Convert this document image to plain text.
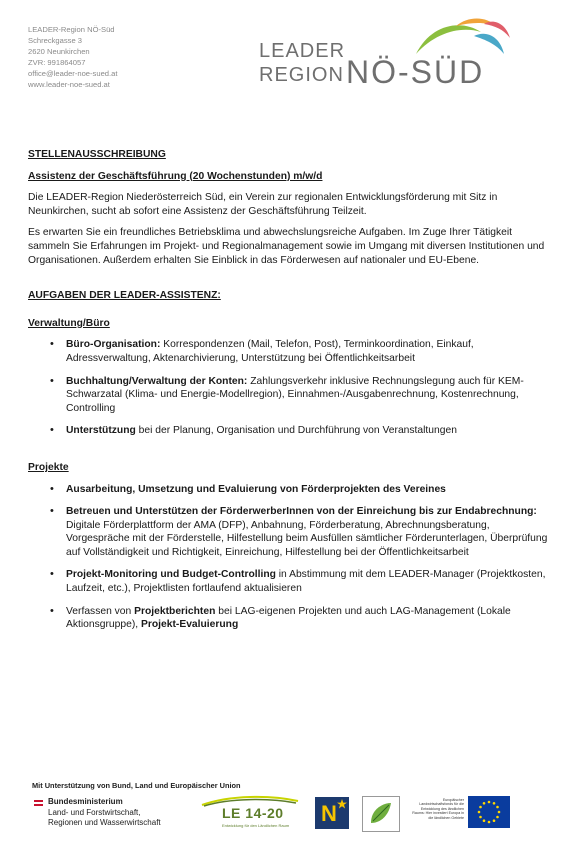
LEADER-Region NÖ-Süd
Schreckgasse 3
2620 Neunkirchen
ZVR: 991864057
office@leader-noe-sued.at
www.leader-noe-sued.at
LEADER
REGION NÖ-SÜD
STELLENAUSSCHREIBUNG
Assistenz der Geschäftsführung (20 Wochenstunden) m/w/d

Die LEADER-Region Niederösterreich Süd, ein Verein zur regionalen Entwicklungsförderung mit Sitz in Neunkirchen, sucht ab sofort eine Assistenz der Geschäftsführung Teilzeit.

Es erwarten Sie ein freundliches Betriebsklima und abwechslungsreiche Aufgaben. Im Zuge Ihrer Tätigkeit sammeln Sie Erfahrungen im Projekt- und Regionalmanagement sowie im Umgang mit diversen Institutionen und Organisationen. Außerdem erhalten Sie Einblick in das Förderwesen auf nationaler und EU-Ebene.

AUFGABEN DER LEADER-ASSISTENZ:
Verwaltung/Büro
• Büro-Organisation: Korrespondenzen (Mail, Telefon, Post), Terminkoordination, Einkauf, Adressverwaltung, Aktenarchivierung, Unterstützung bei Öffentlichkeitsarbeit
• Buchhaltung/Verwaltung der Konten: Zahlungsverkehr inklusive Rechnungslegung auch für KEM-Schwarzatal (Klima- und Energie-Modellregion), Einnahmen-/Ausgabenrechnung, Kostenrechnung, Controlling
• Unterstützung bei der Planung, Organisation und Durchführung von Veranstaltungen
Projekte
• Ausarbeitung, Umsetzung und Evaluierung von Förderprojekten des Vereines
• Betreuen und Unterstützen der FörderwerberInnen von der Einreichung bis zur Endabrechnung: Digitale Förderplattform der AMA (DFP), Anbahnung, Förderberatung, Abrechnungsberatung, Vorgespräche mit der Förderstelle, Hilfestellung beim Ausfüllen sämtlicher Förderunterlagen, Überprüfung auf Vollständigkeit und Richtigkeit, Einreichung, Hilfestellung bei der Öffentlichkeitsarbeit
• Projekt-Monitoring und Budget-Controlling in Abstimmung mit dem LEADER-Manager (Projektkosten, Laufzeit, etc.), Projektlisten fortlaufend aktualisieren
• Verfassen von Projektberichten bei LAG-eigenen Projekten und auch LAG-Management (Lokale Aktionsgruppe), Projekt-Evaluierung
Mit Unterstützung von Bund, Land und Europäischer Union
Bundesministerium
Land- und Forstwirtschaft,
Regionen und Wasserwirtschaft
LE 14-20
Entwicklung für den Ländlichen Raum N
Europäischer Landwirtschaftsfonds für die Entwicklung des ländlichen Raums: Hier investiert Europa in die ländlichen Gebiete
